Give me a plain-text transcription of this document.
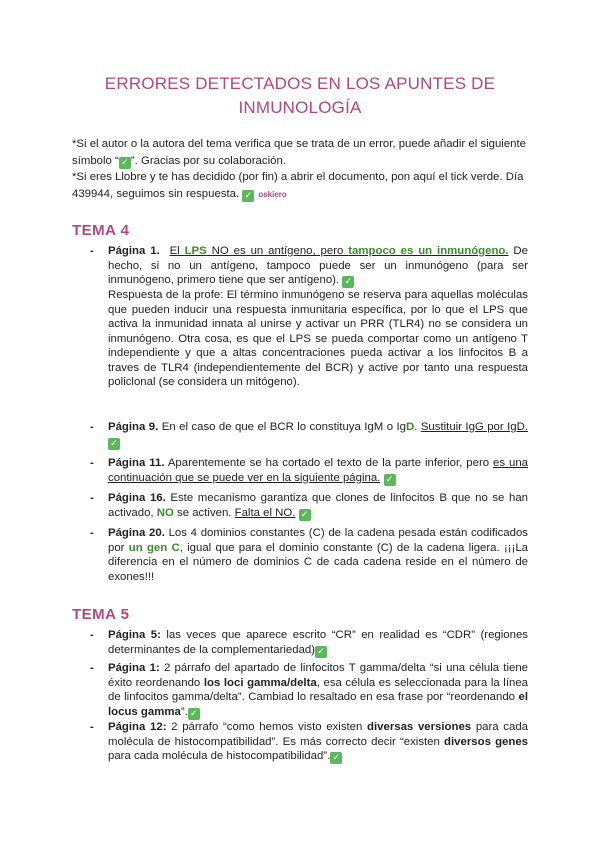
ERRORES DETECTADOS EN LOS APUNTES DE
INMUNOLOGÍA
*Si el autor o la autora del tema verifica que se trata de un error, puede añadir el siguiente símbolo “ ✓ ”. Gracias por su colaboración.
*Si eres Llobre y te has decidido (por fin) a abrir el documento, pon aquí el tick verde. Día 439944, seguimos sin respuesta. ✓ oskiero
TEMA 4
- Página 1. El LPS NO es un antígeno, pero tampoco es un inmunógeno. De hecho, si no un antígeno, tampoco puede ser un inmunógeno (para ser inmunógeno, primero tiene que ser antígeno). ✓
Respuesta de la profe: El término inmunógeno se reserva para aquellas moléculas que pueden inducir una respuesta inmunitaria específica, por lo que el LPS que activa la inmunidad innata al unirse y activar un PRR (TLR4) no se considera un inmunógeno. Otra cosa, es que el LPS se pueda comportar como un antígeno T independiente y que a altas concentraciones pueda activar a los linfocitos B a traves de TLR4 (independientemente del BCR) y active por tanto una respuesta policlonal (se considera un mitógeno).
- Página 9. En el caso de que el BCR lo constituya IgM o IgD. Sustituir IgG por IgD. ✓
- Página 11. Aparentemente se ha cortado el texto de la parte inferior, pero es una continuación que se puede ver en la siguiente página. ✓
- Página 16. Este mecanismo garantiza que clones de linfocitos B que no se han activado, NO se activen. Falta el NO. ✓
- Página 20. Los 4 dominios constantes (C) de la cadena pesada están codificados por un gen C, igual que para el dominio constante (C) de la cadena ligera. ¡¡¡La diferencia en el número de dominios C de cada cadena reside en el número de exones!!!
TEMA 5
- Página 5: las veces que aparece escrito “CR” en realidad es “CDR” (regiones determinantes de la complementariedad) ✓
- Página 1: 2 párrafo del apartado de linfocitos T gamma/delta “si una célula tiene éxito reordenando los loci gamma/delta, esa célula es seleccionada para la línea de linfocitos gamma/delta”. Cambiad lo resaltado en esa frase por “reordenando el locus gamma”. ✓
- Página 12: 2 párrafo “como hemos visto existen diversas versiones para cada molécula de histocompatibilidad”. Es más correcto decir “existen diversos genes para cada molécula de histocompatibilidad”. ✓
